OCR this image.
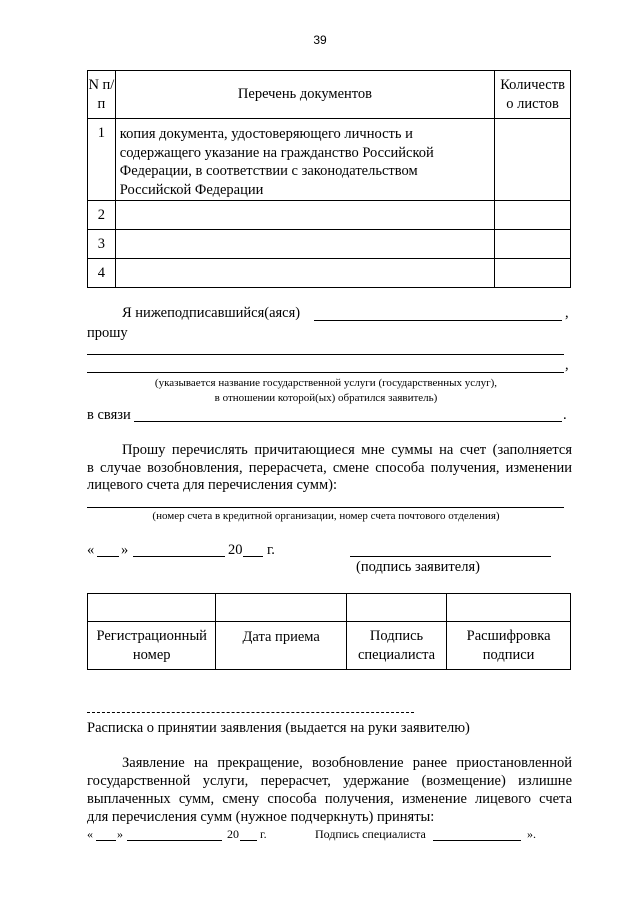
39
N п/п	Перечень документов	Количеств о листов
1	копия документа, удостоверяющего личность и содержащего указание на гражданство Российской Федерации, в соответствии с законодательством Российской Федерации	
2		
3		
4		
Я нижеподписавшийся(аяся)	,
прошу
,
(указывается название государственной услуги (государственных услуг),
в отношении которой(ых) обратился заявитель)
в связи	.
Прошу перечислять причитающиеся мне суммы на счет (заполняется
в случае возобновления, перерасчета, смене способа получения, изменении
лицевого счета для перечисления сумм):
(номер счета в кредитной организации, номер счета почтового отделения)
« »	20 г.
(подпись заявителя)

Регистрационный номер	Дата приема	Подпись специалиста	Расшифровка подписи
Расписка о принятии заявления (выдается на руки заявителю)
Заявление на прекращение, возобновление ранее приостановленной
государственной услуги, перерасчет, удержание (возмещение) излишне
выплаченных сумм, смену способа получения, изменение лицевого счета
для перечисления сумм (нужное подчеркнуть) приняты:
« »	20 г.	Подпись специалиста	».
